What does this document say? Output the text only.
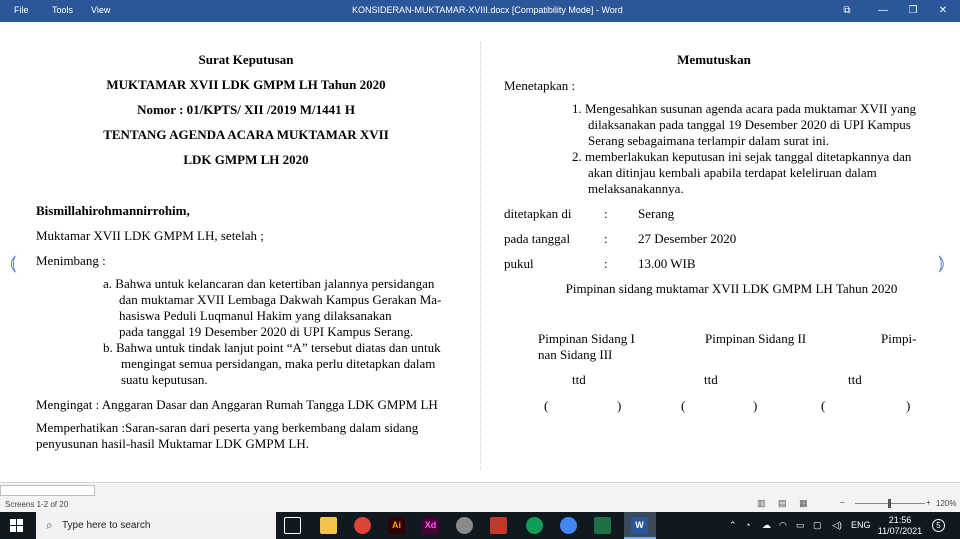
File	Tools View	KONSIDERAN-MUKTAMAR-XVIII.docx [Compatibility Mode] - Word	⧉	—	❐	✕
⦅	⦆
Surat Keputusan
MUKTAMAR XVII LDK GMPM LH Tahun 2020
Nomor : 01/KPTS/ XII /2019 M/1441 H
TENTANG AGENDA ACARA MUKTAMAR XVII
LDK GMPM LH 2020
Bismillahirohmannirrohim,
Muktamar XVII LDK GMPM LH, setelah ;
Menimbang :
a. Bahwa untuk kelancaran dan ketertiban jalannya persidangan
dan muktamar XVII Lembaga Dakwah Kampus Gerakan Ma-
hasiswa Peduli Luqmanul Hakim yang dilaksanakan
pada tanggal 19 Desember 2020 di UPI Kampus Serang.
b. Bahwa untuk tindak lanjut point “A” tersebut diatas dan untuk
mengingat semua persidangan, maka perlu ditetapkan dalam
suatu keputusan.
Mengingat : Anggaran Dasar dan Anggaran Rumah Tangga LDK GMPM LH
Memperhatikan :Saran-saran dari peserta yang berkembang dalam sidang
penyusunan hasil-hasil Muktamar LDK GMPM LH.
Memutuskan
Menetapkan :
1. Mengesahkan susunan agenda acara pada muktamar XVII yang
dilaksanakan pada tanggal 19 Desember 2020 di UPI Kampus
Serang sebagaimana terlampir dalam surat ini.
2. memberlakukan keputusan ini sejak tanggal ditetapkannya dan
akan ditinjau kembali apabila terdapat keleliruan dalam
melaksanakannya.
ditetapkan di : Serang
pada tanggal	: 27 Desember 2020
pukul	: 13.00 WIB
Pimpinan sidang muktamar XVII LDK GMPM LH Tahun 2020
Pimpinan Sidang I	Pimpinan Sidang II	Pimpi-
nan Sidang III
ttd	ttd	ttd
(	)	(	)	(	)
Screens 1-2 of 20	▥ ▤ ▦	−	+ 120%
⌕ Type here to search	Ai	Xd	W	⌃ ◔ ☁ ◠ ▭ ▢ ◁) ENG	21:56
11/07/2021
5
